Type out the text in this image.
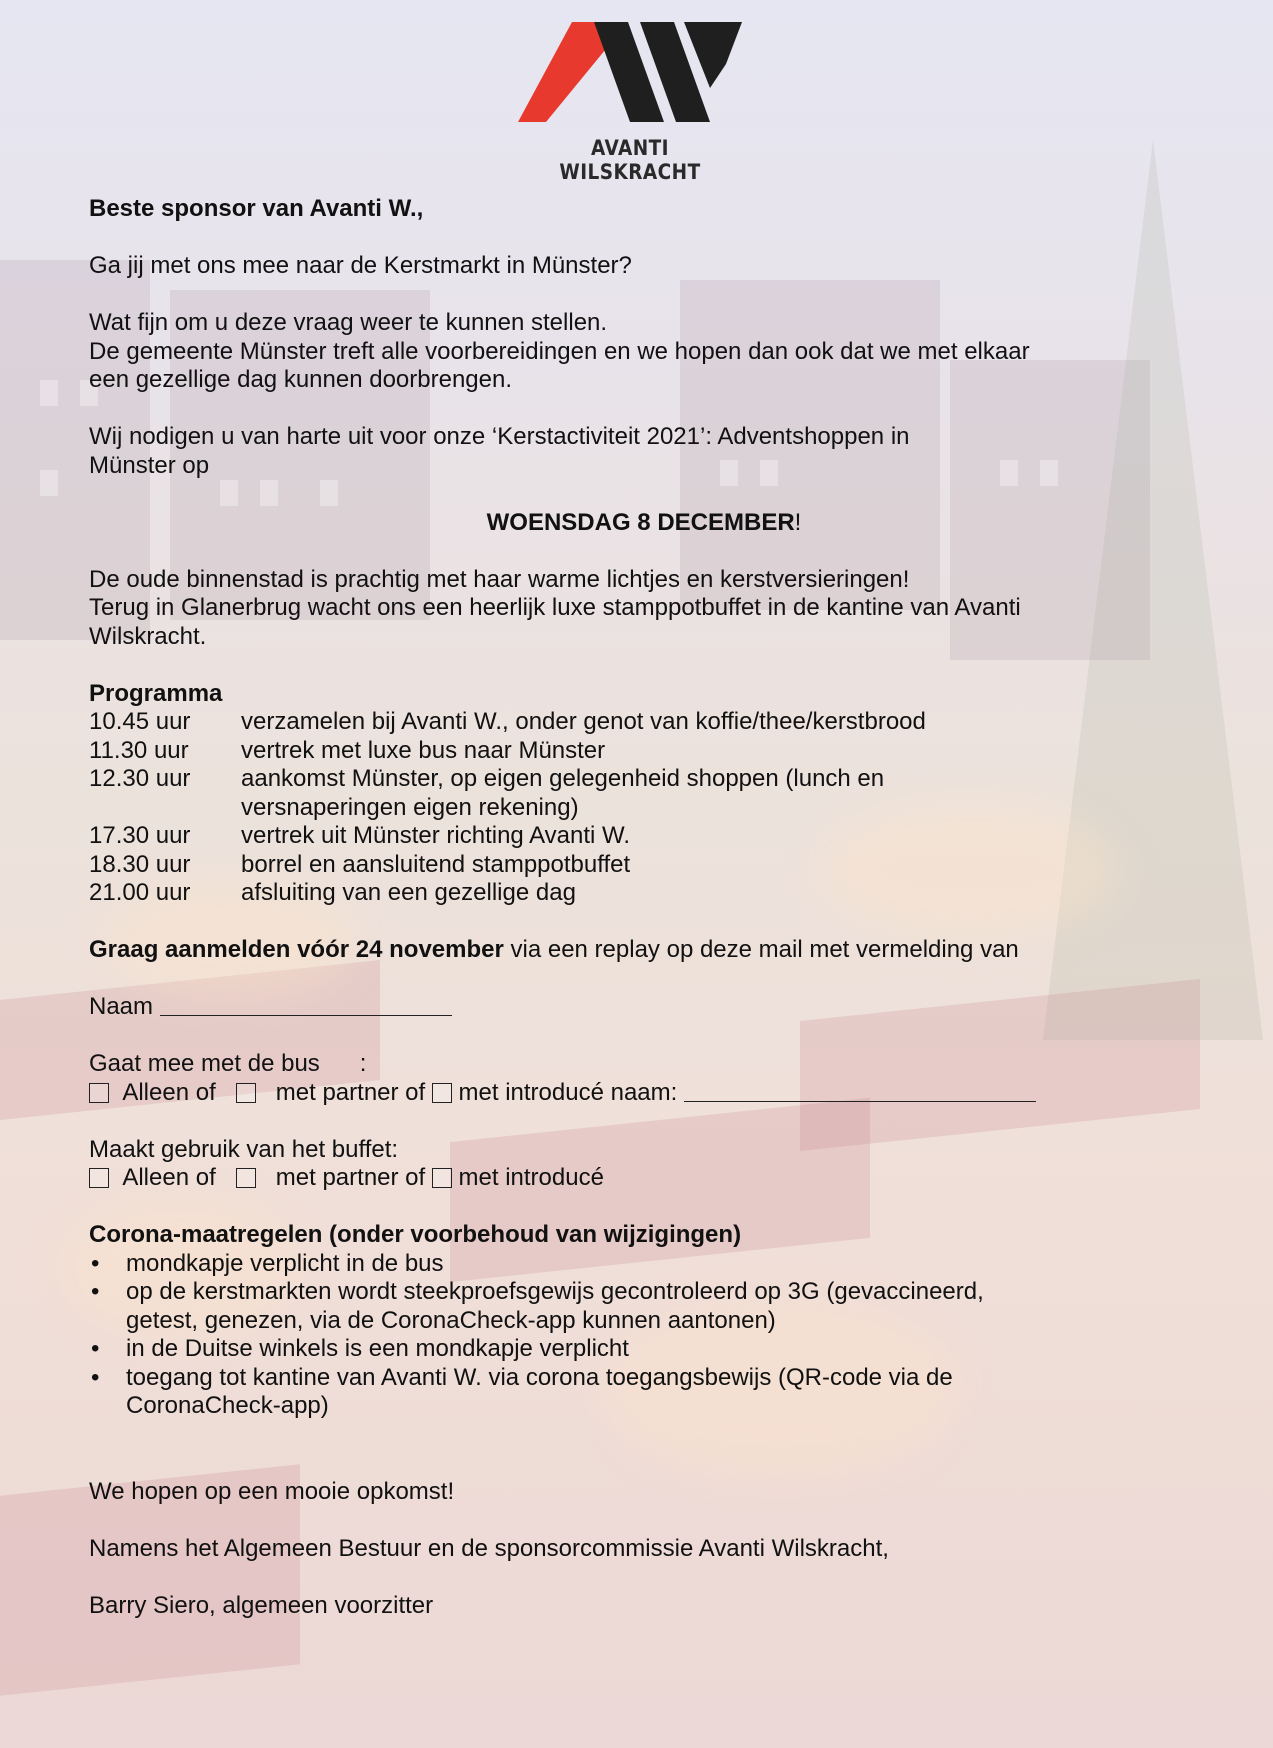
AVANTI WILSKRACHT

Beste sponsor van Avanti W.,

Ga jij met ons mee naar de Kerstmarkt in Münster?

Wat fijn om u deze vraag weer te kunnen stellen.

De gemeente Münster treft alle voorbereidingen en we hopen dan ook dat we met elkaar

een gezellige dag kunnen doorbrengen.

Wij nodigen u van harte uit voor onze ‘Kerstactiviteit 2021’: Adventshoppen in

Münster op

WOENSDAG 8 DECEMBER!

De oude binnenstad is prachtig met haar warme lichtjes en kerstversieringen!

Terug in Glanerbrug wacht ons een heerlijk luxe stamppotbuffet in de kantine van Avanti

Wilskracht.

Programma

10.45 uur	verzamelen bij Avanti W., onder genot van koffie/thee/kerstbrood
11.30 uur	vertrek met luxe bus naar Münster
12.30 uur	aankomst Münster, op eigen gelegenheid shoppen (lunch en
versnaperingen eigen rekening)
17.30 uur	vertrek uit Münster richting Avanti W.
18.30 uur	borrel en aansluitend stamppotbuffet
21.00 uur	afsluiting van een gezellige dag

Graag aanmelden vóór 24 november via een replay op deze mail met vermelding van

Naam

Gaat mee met de bus      :

Alleen of	met partner of met introducé naam:

Maakt gebruik van het buffet:

Alleen of	met partner of met introducé

Corona-maatregelen (onder voorbehoud van wijzigingen)

• mondkapje verplicht in de bus
• op de kerstmarkten wordt steekproefsgewijs gecontroleerd op 3G (gevaccineerd,
getest, genezen, via de CoronaCheck-app kunnen aantonen)
• in de Duitse winkels is een mondkapje verplicht
• toegang tot kantine van Avanti W. via corona toegangsbewijs (QR-code via de
CoronaCheck-app)

We hopen op een mooie opkomst!

Namens het Algemeen Bestuur en de sponsorcommissie Avanti Wilskracht,

Barry Siero, algemeen voorzitter
